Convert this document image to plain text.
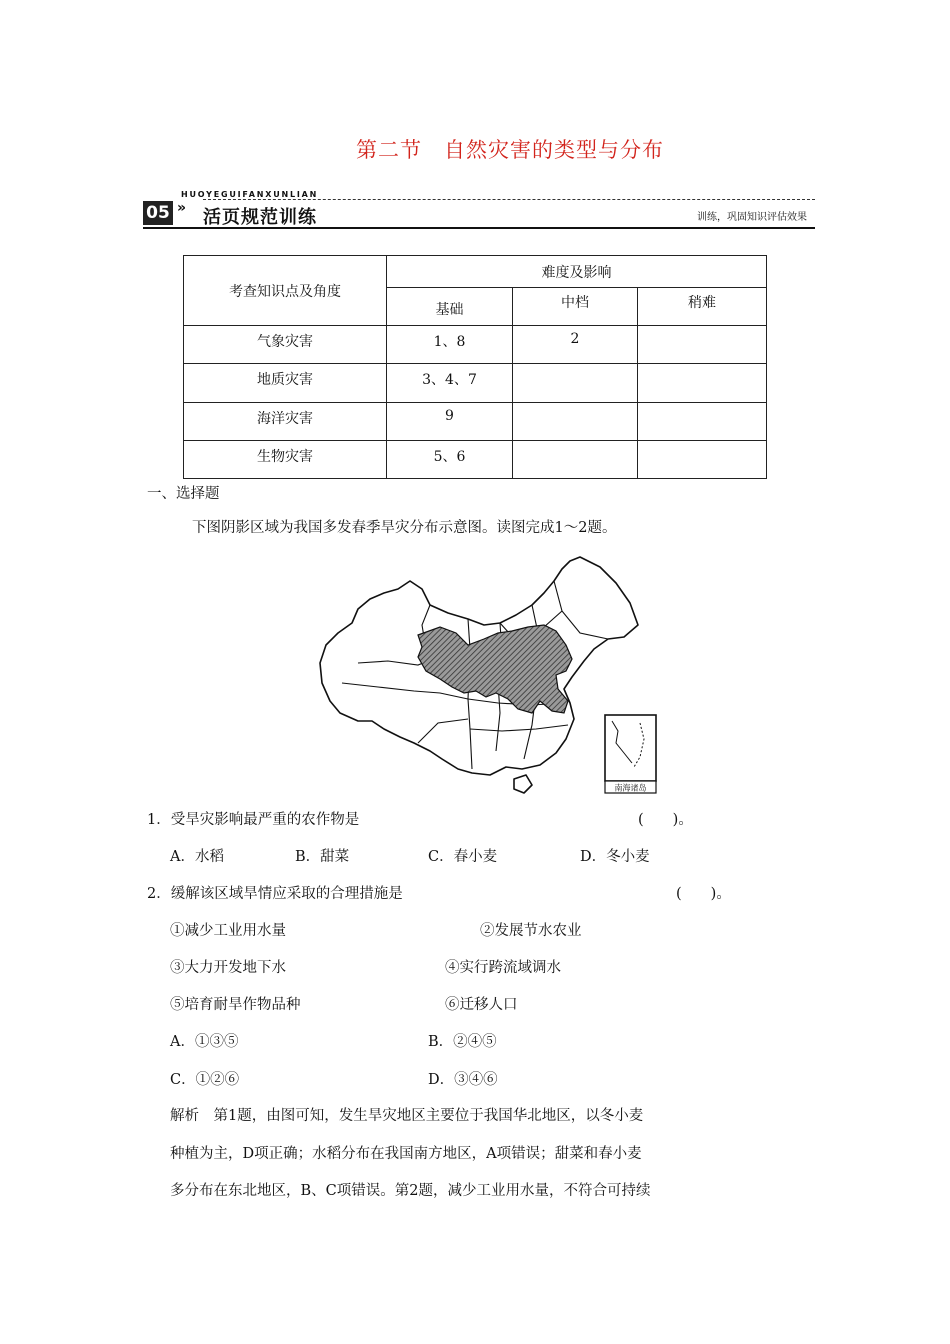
第二节　自然灾害的类型与分布
HUOYEGUIFANXUNLIAN
05 » 活页规范训练	训练，巩固知识评估效果
考查知识点及角度	难度及影响		
	基础	中档	稍难
气象灾害	1、8	2	
地质灾害	3、4、7		
海洋灾害	9		
生物灾害	5、6		
一、选择题
下图阴影区域为我国多发春季旱灾分布示意图。读图完成1～2题。
南海诸岛
1．受旱灾影响最严重的农作物是	(　　)。
A．水稻	B．甜菜	C．春小麦	D．冬小麦
2．缓解该区域旱情应采取的合理措施是	(　　)。
①减少工业用水量	②发展节水农业
③大力开发地下水	④实行跨流域调水
⑤培育耐旱作物品种	⑥迁移人口
A．①③⑤	B．②④⑤
C．①②⑥	D．③④⑥
解析　第1题，由图可知，发生旱灾地区主要位于我国华北地区，以冬小麦
种植为主，D项正确；水稻分布在我国南方地区，A项错误；甜菜和春小麦
多分布在东北地区，B、C项错误。第2题，减少工业用水量，不符合可持续
